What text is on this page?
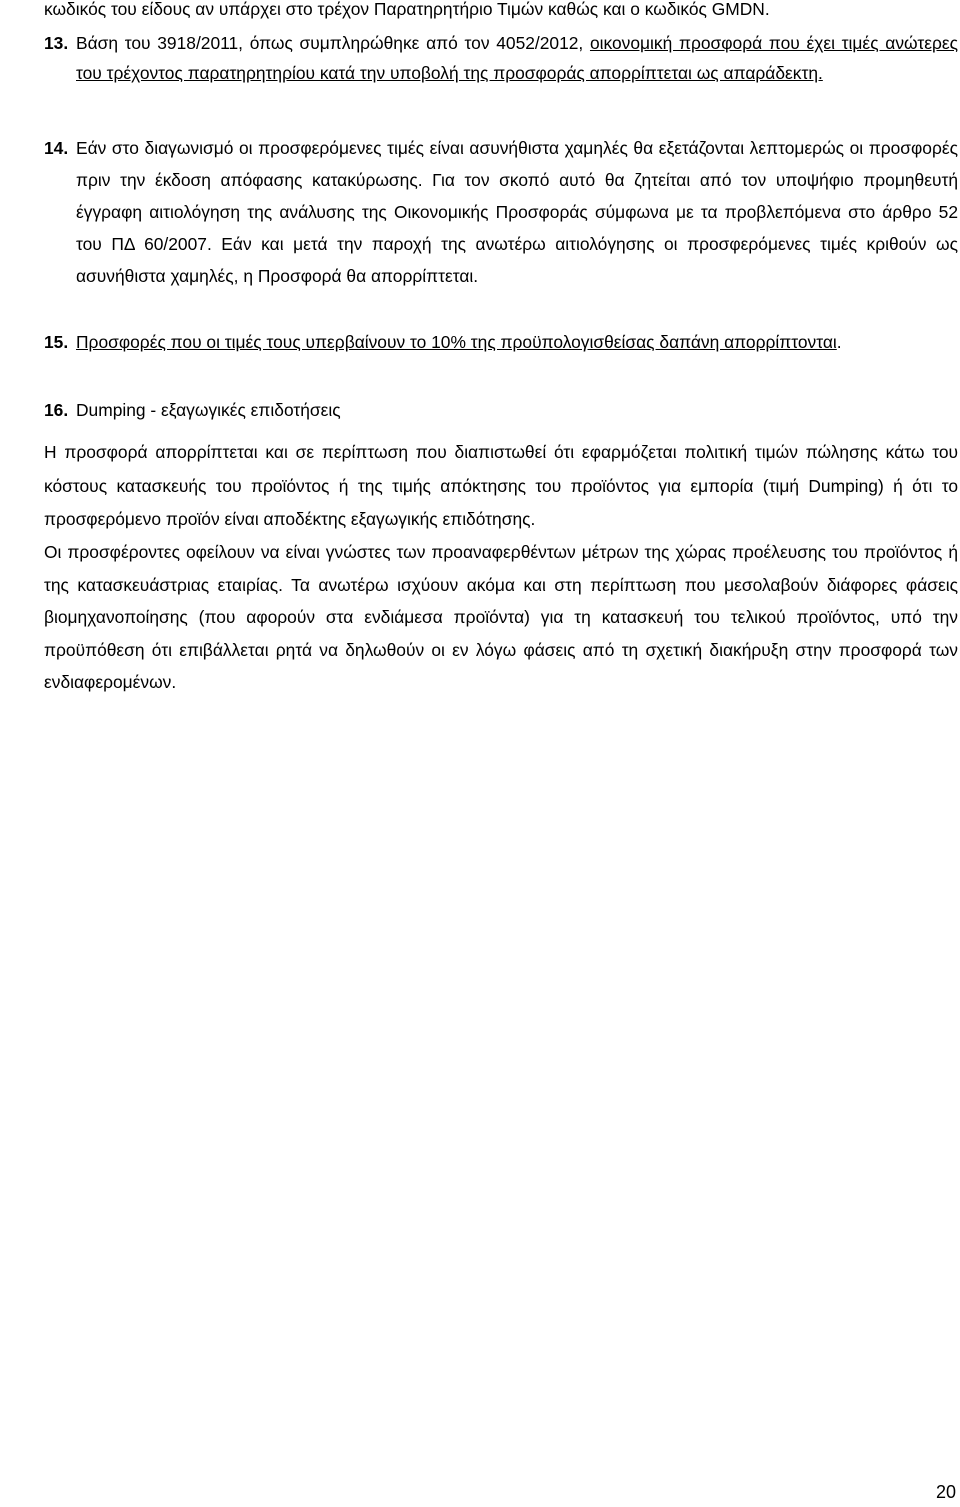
κωδικός του είδους αν υπάρχει στο τρέχον Παρατηρητήριο Τιμών καθώς και ο κωδικός GMDN.

13. Βάση του 3918/2011, όπως συμπληρώθηκε από τον 4052/2012, οικονομική προσφορά που έχει τιμές ανώτερες του τρέχοντος παρατηρητηρίου κατά την υποβολή της προσφοράς απορρίπτεται ως απαράδεκτη.
14. Εάν στο διαγωνισμό οι προσφερόμενες τιμές είναι ασυνήθιστα χαμηλές θα εξετάζονται λεπτομερώς οι προσφορές πριν την έκδοση απόφασης κατακύρωσης. Για τον σκοπό αυτό θα ζητείται από τον υποψήφιο προμηθευτή έγγραφη αιτιολόγηση της ανάλυσης της Οικονομικής Προσφοράς σύμφωνα με τα προβλεπόμενα στο άρθρο 52 του ΠΔ 60/2007. Εάν και μετά την παροχή της ανωτέρω αιτιολόγησης οι προσφερόμενες τιμές κριθούν ως ασυνήθιστα χαμηλές, η Προσφορά θα απορρίπτεται.
15. Προσφορές που οι τιμές τους υπερβαίνουν το 10% της προϋπολογισθείσας δαπάνη απορρίπτονται.
16. Dumping - εξαγωγικές επιδοτήσεις

Η προσφορά απορρίπτεται και σε περίπτωση που διαπιστωθεί ότι εφαρμόζεται πολιτική τιμών πώλησης κάτω του κόστους κατασκευής του προϊόντος ή της τιμής απόκτησης του προϊόντος για εμπορία (τιμή Dumping) ή ότι το προσφερόμενο προϊόν είναι αποδέκτης εξαγωγικής επιδότησης.

Οι προσφέροντες οφείλουν να είναι γνώστες των προαναφερθέντων μέτρων της χώρας προέλευσης του προϊόντος ή της κατασκευάστριας εταιρίας. Τα ανωτέρω ισχύουν ακόμα και στη περίπτωση που μεσολαβούν διάφορες φάσεις βιομηχανοποίησης (που αφορούν στα ενδιάμεσα προϊόντα) για τη κατασκευή του τελικού προϊόντος, υπό την προϋπόθεση ότι επιβάλλεται ρητά να δηλωθούν οι εν λόγω φάσεις από τη σχετική διακήρυξη στην προσφορά των ενδιαφερομένων.

20
